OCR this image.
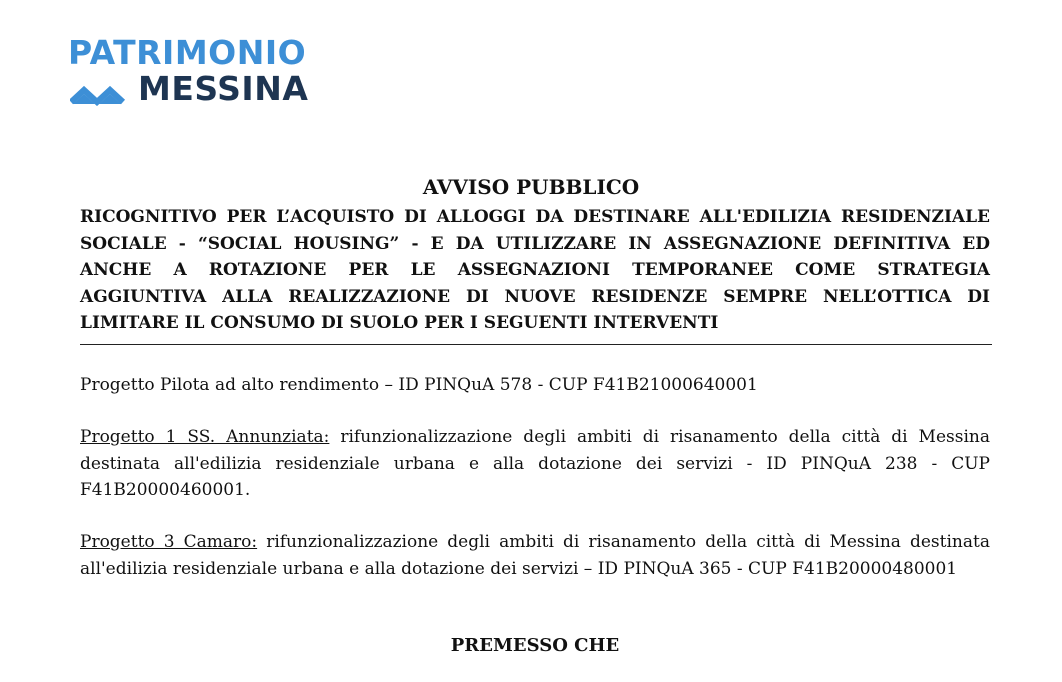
PATRIMONIO
MESSINA
AVVISO PUBBLICO
RICOGNITIVO PER L’ACQUISTO DI ALLOGGI DA DESTINARE ALL'EDILIZIA RESIDENZIALE SOCIALE - “SOCIAL HOUSING” - E DA UTILIZZARE IN ASSEGNAZIONE DEFINITIVA ED ANCHE A ROTAZIONE PER LE ASSEGNAZIONI TEMPORANEE COME STRATEGIA AGGIUNTIVA ALLA REALIZZAZIONE DI NUOVE RESIDENZE SEMPRE NELL’OTTICA DI LIMITARE IL CONSUMO DI SUOLO PER I SEGUENTI INTERVENTI
Progetto Pilota ad alto rendimento – ID PINQuA 578 - CUP F41B21000640001
Progetto 1 SS. Annunziata: rifunzionalizzazione degli ambiti di risanamento della città di Messina destinata all'edilizia residenziale urbana e alla dotazione dei servizi - ID PINQuA 238 - CUP F41B20000460001.
Progetto 3 Camaro: rifunzionalizzazione degli ambiti di risanamento della città di Messina destinata all'edilizia residenziale urbana e alla dotazione dei servizi – ID PINQuA 365 - CUP F41B20000480001
PREMESSO CHE
